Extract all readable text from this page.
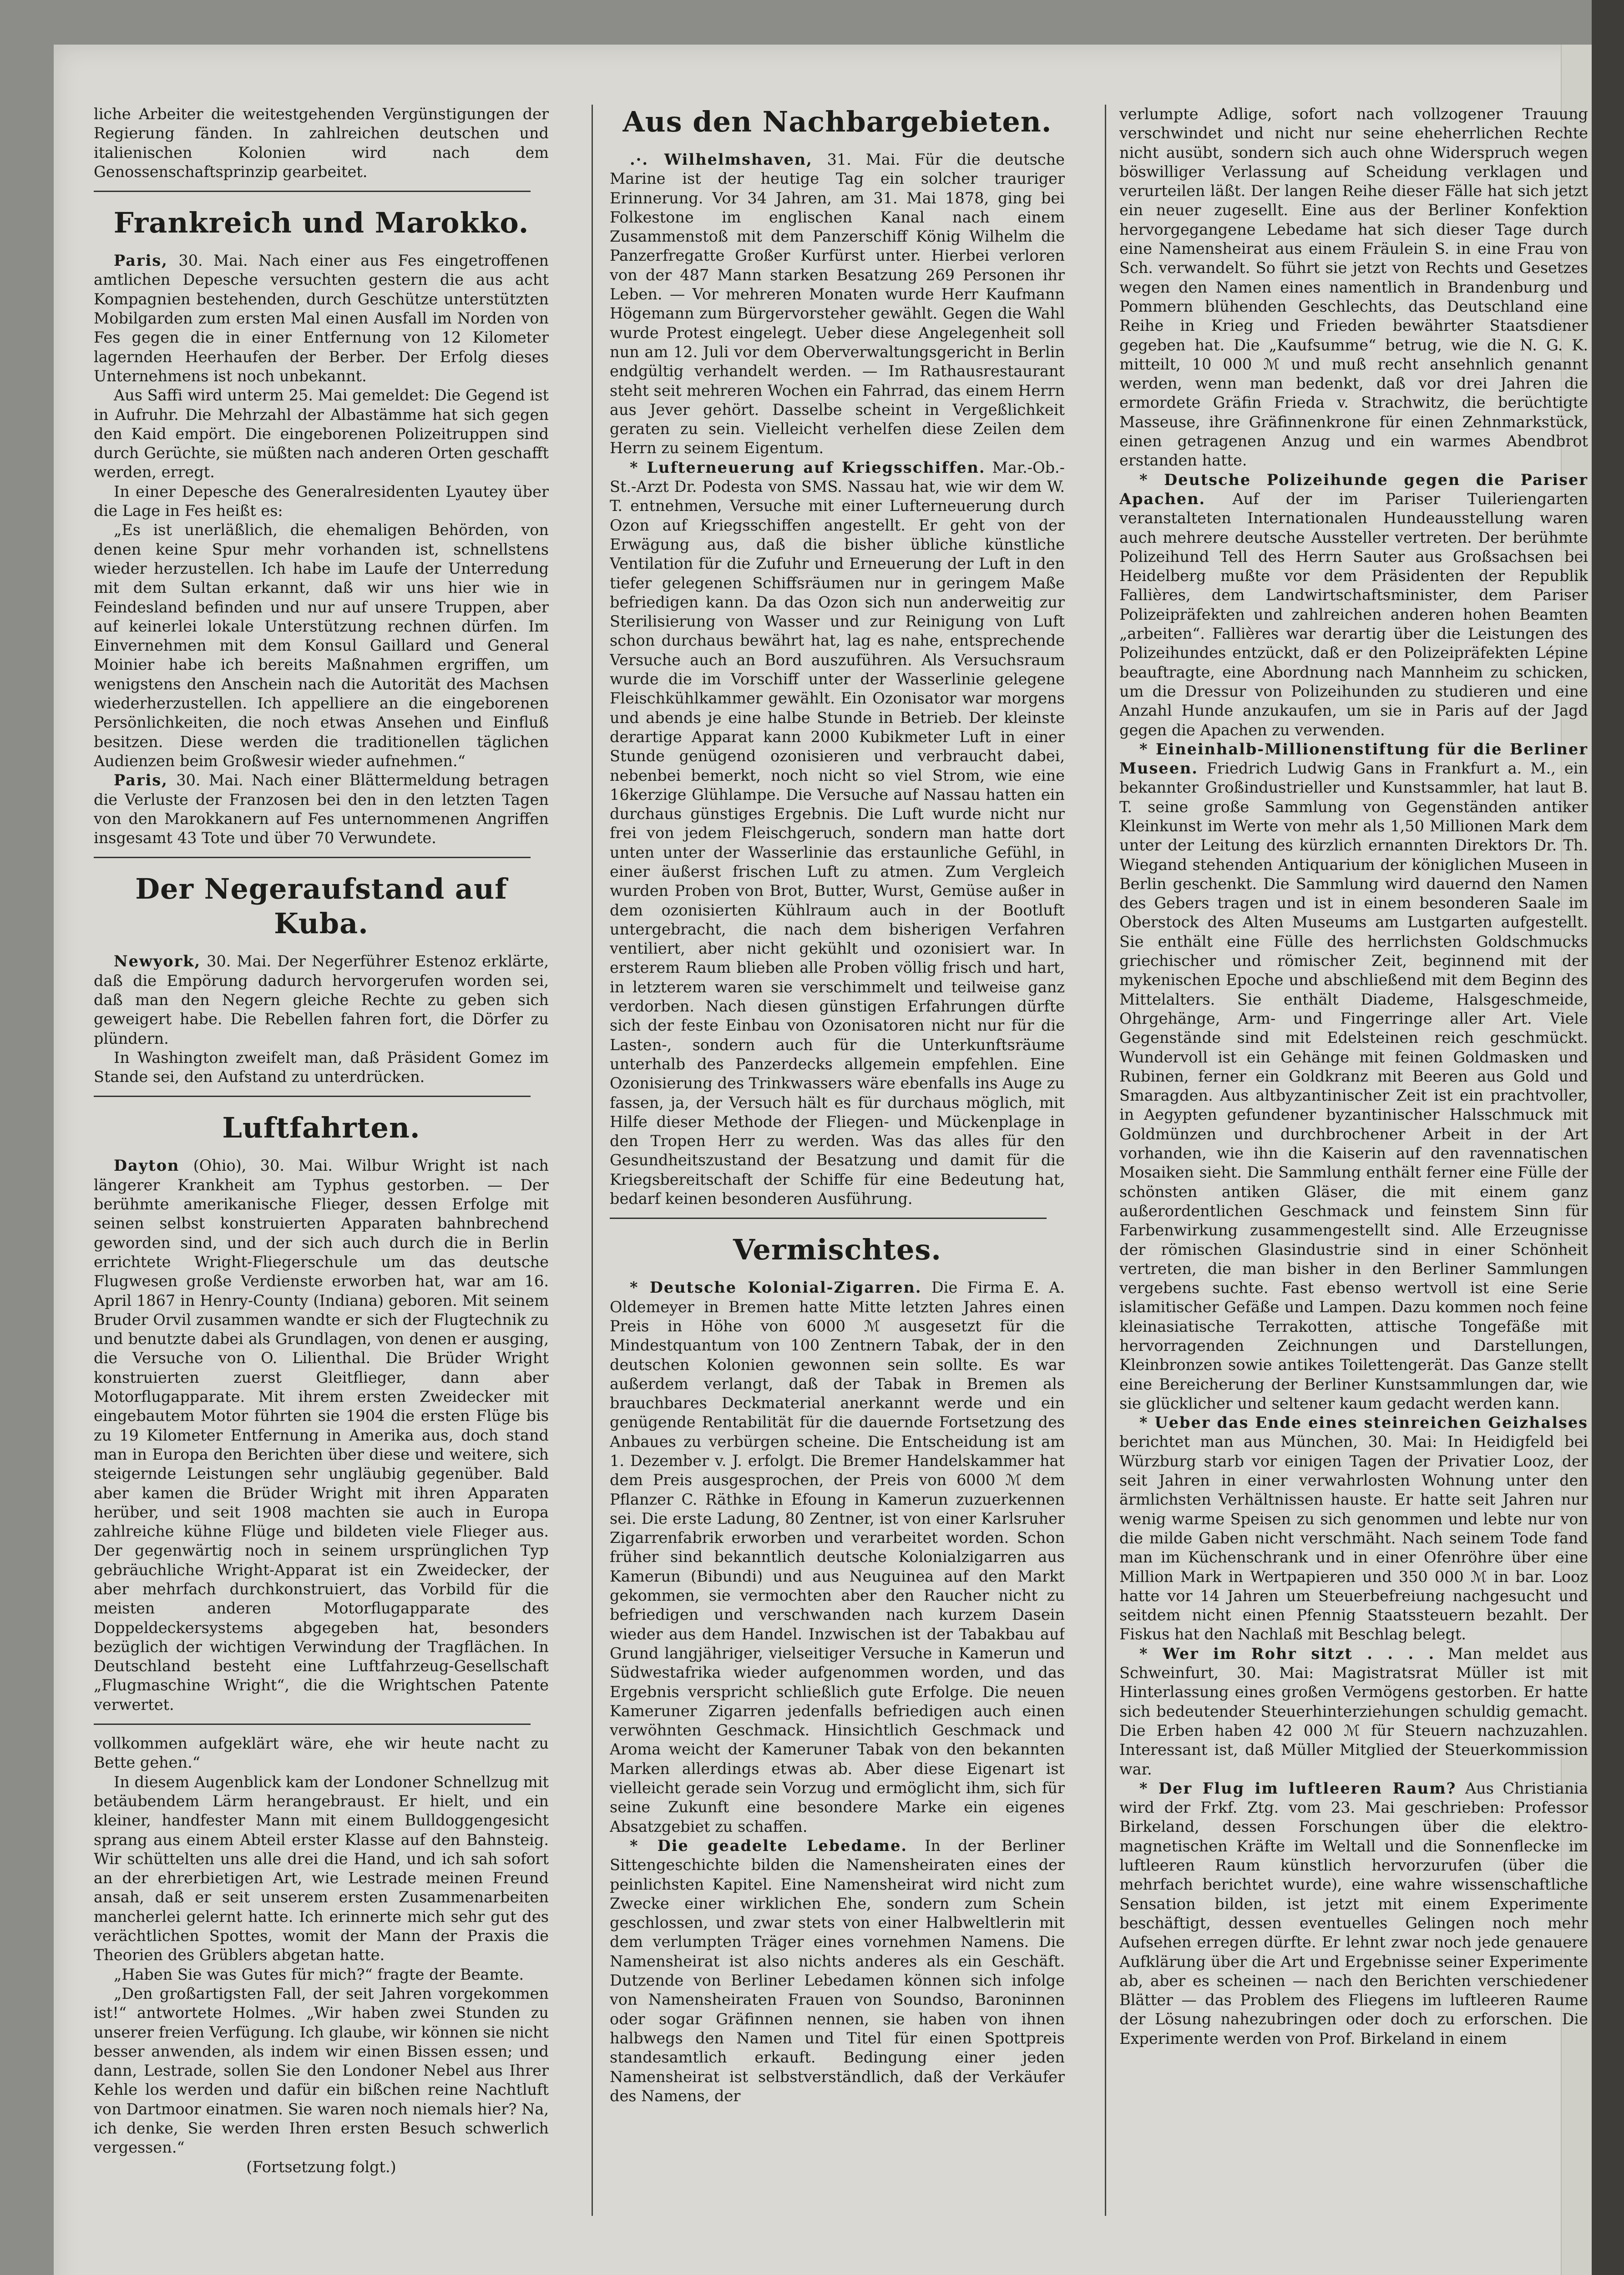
liche Arbeiter die weitestgehenden Vergünstigungen der Regierung fänden. In zahlreichen deutschen und italienischen Kolonien wird nach dem Genossenschaftsprinzip gearbeitet.

Frankreich und Marokko.

Paris, 30. Mai. Nach einer aus Fes eingetroffenen amtlichen Depesche versuchten gestern die aus acht Kompagnien bestehenden, durch Geschütze unterstützten Mobilgarden zum ersten Mal einen Ausfall im Norden von Fes gegen die in einer Entfernung von 12 Kilometer lagernden Heerhaufen der Berber. Der Erfolg dieses Unternehmens ist noch unbekannt.

Aus Saffi wird unterm 25. Mai gemeldet: Die Gegend ist in Aufruhr. Die Mehrzahl der Albastämme hat sich gegen den Kaid empört. Die eingeborenen Polizeitruppen sind durch Gerüchte, sie müßten nach anderen Orten geschafft werden, erregt.

In einer Depesche des Generalresidenten Lyautey über die Lage in Fes heißt es:

„Es ist unerläßlich, die ehemaligen Behörden, von denen keine Spur mehr vorhanden ist, schnellstens wieder herzustellen. Ich habe im Laufe der Unterredung mit dem Sultan erkannt, daß wir uns hier wie in Feindesland befinden und nur auf unsere Truppen, aber auf keinerlei lokale Unterstützung rechnen dürfen. Im Einvernehmen mit dem Konsul Gaillard und General Moinier habe ich bereits Maßnahmen ergriffen, um wenigstens den Anschein nach die Autorität des Machsen wiederherzustellen. Ich appelliere an die eingeborenen Persönlichkeiten, die noch etwas Ansehen und Einfluß besitzen. Diese werden die traditionellen täglichen Audienzen beim Großwesir wieder aufnehmen.“

Paris, 30. Mai. Nach einer Blättermeldung betragen die Verluste der Franzosen bei den in den letzten Tagen von den Marokkanern auf Fes unternommenen Angriffen insgesamt 43 Tote und über 70 Verwundete.

Der Negeraufstand auf Kuba.

Newyork, 30. Mai. Der Negerführer Estenoz erklärte, daß die Empörung dadurch hervorgerufen worden sei, daß man den Negern gleiche Rechte zu geben sich geweigert habe. Die Rebellen fahren fort, die Dörfer zu plündern.

In Washington zweifelt man, daß Präsident Gomez im Stande sei, den Aufstand zu unterdrücken.

Luftfahrten.

Dayton (Ohio), 30. Mai. Wilbur Wright ist nach längerer Krankheit am Typhus gestorben. — Der berühmte amerikanische Flieger, dessen Erfolge mit seinen selbst konstruierten Apparaten bahnbrechend geworden sind, und der sich auch durch die in Berlin errichtete Wright-Fliegerschule um das deutsche Flugwesen große Verdienste erworben hat, war am 16. April 1867 in Henry-County (Indiana) geboren. Mit seinem Bruder Orvil zusammen wandte er sich der Flugtechnik zu und benutzte dabei als Grundlagen, von denen er ausging, die Versuche von O. Lilienthal. Die Brüder Wright konstruierten zuerst Gleitflieger, dann aber Motorflugapparate. Mit ihrem ersten Zweidecker mit eingebautem Motor führten sie 1904 die ersten Flüge bis zu 19 Kilometer Entfernung in Amerika aus, doch stand man in Europa den Berichten über diese und weitere, sich steigernde Leistungen sehr ungläubig gegenüber. Bald aber kamen die Brüder Wright mit ihren Apparaten herüber, und seit 1908 machten sie auch in Europa zahlreiche kühne Flüge und bildeten viele Flieger aus. Der gegenwärtig noch in seinem ursprünglichen Typ gebräuchliche Wright-Apparat ist ein Zweidecker, der aber mehrfach durchkonstruiert, das Vorbild für die meisten anderen Motorflugapparate des Doppeldeckersystems abgegeben hat, besonders bezüglich der wichtigen Verwindung der Tragflächen. In Deutschland besteht eine Luftfahrzeug-Gesellschaft „Flugmaschine Wright“, die die Wrightschen Patente verwertet.

vollkommen aufgeklärt wäre, ehe wir heute nacht zu Bette gehen.“

In diesem Augenblick kam der Londoner Schnellzug mit betäubendem Lärm herangebraust. Er hielt, und ein kleiner, handfester Mann mit einem Bulldoggengesicht sprang aus einem Abteil erster Klasse auf den Bahnsteig. Wir schüttelten uns alle drei die Hand, und ich sah sofort an der ehrerbietigen Art, wie Lestrade meinen Freund ansah, daß er seit unserem ersten Zusammenarbeiten mancherlei gelernt hatte. Ich erinnerte mich sehr gut des verächtlichen Spottes, womit der Mann der Praxis die Theorien des Grüblers abgetan hatte.

„Haben Sie was Gutes für mich?“ fragte der Beamte.

„Den großartigsten Fall, der seit Jahren vorgekommen ist!“ antwortete Holmes. „Wir haben zwei Stunden zu unserer freien Verfügung. Ich glaube, wir können sie nicht besser anwenden, als indem wir einen Bissen essen; und dann, Lestrade, sollen Sie den Londoner Nebel aus Ihrer Kehle los werden und dafür ein bißchen reine Nachtluft von Dartmoor einatmen. Sie waren noch niemals hier? Na, ich denke, Sie werden Ihren ersten Besuch schwerlich vergessen.“

(Fortsetzung folgt.)

Aus den Nachbargebieten.

.·. Wilhelmshaven, 31. Mai. Für die deutsche Marine ist der heutige Tag ein solcher trauriger Erinnerung. Vor 34 Jahren, am 31. Mai 1878, ging bei Folkestone im englischen Kanal nach einem Zusammenstoß mit dem Panzerschiff König Wilhelm die Panzerfregatte Großer Kurfürst unter. Hierbei verloren von der 487 Mann starken Besatzung 269 Personen ihr Leben. — Vor mehreren Monaten wurde Herr Kaufmann Högemann zum Bürgervorsteher gewählt. Gegen die Wahl wurde Protest eingelegt. Ueber diese Angelegenheit soll nun am 12. Juli vor dem Oberverwaltungsgericht in Berlin endgültig verhandelt werden. — Im Rathausrestaurant steht seit mehreren Wochen ein Fahrrad, das einem Herrn aus Jever gehört. Dasselbe scheint in Vergeßlichkeit geraten zu sein. Vielleicht verhelfen diese Zeilen dem Herrn zu seinem Eigentum.

* Lufterneuerung auf Kriegsschiffen. Mar.-Ob.-St.-Arzt Dr. Podesta von SMS. Nassau hat, wie wir dem W. T. entnehmen, Versuche mit einer Lufterneuerung durch Ozon auf Kriegsschiffen angestellt. Er geht von der Erwägung aus, daß die bisher übliche künstliche Ventilation für die Zufuhr und Erneuerung der Luft in den tiefer gelegenen Schiffsräumen nur in geringem Maße befriedigen kann. Da das Ozon sich nun anderweitig zur Sterilisierung von Wasser und zur Reinigung von Luft schon durchaus bewährt hat, lag es nahe, entsprechende Versuche auch an Bord auszuführen. Als Versuchsraum wurde die im Vorschiff unter der Wasserlinie gelegene Fleischkühlkammer gewählt. Ein Ozonisator war morgens und abends je eine halbe Stunde in Betrieb. Der kleinste derartige Apparat kann 2000 Kubikmeter Luft in einer Stunde genügend ozonisieren und verbraucht dabei, nebenbei bemerkt, noch nicht so viel Strom, wie eine 16kerzige Glühlampe. Die Versuche auf Nassau hatten ein durchaus günstiges Ergebnis. Die Luft wurde nicht nur frei von jedem Fleischgeruch, sondern man hatte dort unten unter der Wasserlinie das erstaunliche Gefühl, in einer äußerst frischen Luft zu atmen. Zum Vergleich wurden Proben von Brot, Butter, Wurst, Gemüse außer in dem ozonisierten Kühlraum auch in der Bootluft untergebracht, die nach dem bisherigen Verfahren ventiliert, aber nicht gekühlt und ozonisiert war. In ersterem Raum blieben alle Proben völlig frisch und hart, in letzterem waren sie verschimmelt und teilweise ganz verdorben. Nach diesen günstigen Erfahrungen dürfte sich der feste Einbau von Ozonisatoren nicht nur für die Lasten-, sondern auch für die Unterkunftsräume unterhalb des Panzerdecks allgemein empfehlen. Eine Ozonisierung des Trinkwassers wäre ebenfalls ins Auge zu fassen, ja, der Versuch hält es für durchaus möglich, mit Hilfe dieser Methode der Fliegen- und Mückenplage in den Tropen Herr zu werden. Was das alles für den Gesundheitszustand der Besatzung und damit für die Kriegsbereitschaft der Schiffe für eine Bedeutung hat, bedarf keinen besonderen Ausführung.

Vermischtes.

* Deutsche Kolonial-Zigarren. Die Firma E. A. Oldemeyer in Bremen hatte Mitte letzten Jahres einen Preis in Höhe von 6000 ℳ ausgesetzt für die Mindestquantum von 100 Zentnern Tabak, der in den deutschen Kolonien gewonnen sein sollte. Es war außerdem verlangt, daß der Tabak in Bremen als brauchbares Deckmaterial anerkannt werde und ein genügende Rentabilität für die dauernde Fortsetzung des Anbaues zu verbürgen scheine. Die Entscheidung ist am 1. Dezember v. J. erfolgt. Die Bremer Handelskammer hat dem Preis ausgesprochen, der Preis von 6000 ℳ dem Pflanzer C. Räthke in Efoung in Kamerun zuzuerkennen sei. Die erste Ladung, 80 Zentner, ist von einer Karlsruher Zigarrenfabrik erworben und verarbeitet worden. Schon früher sind bekanntlich deutsche Kolonialzigarren aus Kamerun (Bibundi) und aus Neuguinea auf den Markt gekommen, sie vermochten aber den Raucher nicht zu befriedigen und verschwanden nach kurzem Dasein wieder aus dem Handel. Inzwischen ist der Tabakbau auf Grund langjähriger, vielseitiger Versuche in Kamerun und Südwestafrika wieder aufgenommen worden, und das Ergebnis verspricht schließlich gute Erfolge. Die neuen Kameruner Zigarren jedenfalls befriedigen auch einen verwöhnten Geschmack. Hinsichtlich Geschmack und Aroma weicht der Kameruner Tabak von den bekannten Marken allerdings etwas ab. Aber diese Eigenart ist vielleicht gerade sein Vorzug und ermöglicht ihm, sich für seine Zukunft eine besondere Marke ein eigenes Absatzgebiet zu schaffen.

* Die geadelte Lebedame. In der Berliner Sittengeschichte bilden die Namensheiraten eines der peinlichsten Kapitel. Eine Namensheirat wird nicht zum Zwecke einer wirklichen Ehe, sondern zum Schein geschlossen, und zwar stets von einer Halbweltlerin mit dem verlumpten Träger eines vornehmen Namens. Die Namensheirat ist also nichts anderes als ein Geschäft. Dutzende von Berliner Lebedamen können sich infolge von Namensheiraten Frauen von Soundso, Baroninnen oder sogar Gräfinnen nennen, sie haben von ihnen halbwegs den Namen und Titel für einen Spottpreis standesamtlich erkauft. Bedingung einer jeden Namensheirat ist selbstverständlich, daß der Verkäufer des Namens, der

verlumpte Adlige, sofort nach vollzogener Trauung verschwindet und nicht nur seine eheherrlichen Rechte nicht ausübt, sondern sich auch ohne Widerspruch wegen böswilliger Verlassung auf Scheidung verklagen und verurteilen läßt. Der langen Reihe dieser Fälle hat sich jetzt ein neuer zugesellt. Eine aus der Berliner Konfektion hervorgegangene Lebedame hat sich dieser Tage durch eine Namensheirat aus einem Fräulein S. in eine Frau von Sch. verwandelt. So führt sie jetzt von Rechts und Gesetzes wegen den Namen eines namentlich in Brandenburg und Pommern blühenden Geschlechts, das Deutschland eine Reihe in Krieg und Frieden bewährter Staatsdiener gegeben hat. Die „Kaufsumme“ betrug, wie die N. G. K. mitteilt, 10 000 ℳ und muß recht ansehnlich genannt werden, wenn man bedenkt, daß vor drei Jahren die ermordete Gräfin Frieda v. Strachwitz, die berüchtigte Masseuse, ihre Gräfinnenkrone für einen Zehnmarkstück, einen getragenen Anzug und ein warmes Abendbrot erstanden hatte.

* Deutsche Polizeihunde gegen die Pariser Apachen. Auf der im Pariser Tuileriengarten veranstalteten Internationalen Hundeausstellung waren auch mehrere deutsche Aussteller vertreten. Der berühmte Polizeihund Tell des Herrn Sauter aus Großsachsen bei Heidelberg mußte vor dem Präsidenten der Republik Fallières, dem Landwirtschaftsminister, dem Pariser Polizeipräfekten und zahlreichen anderen hohen Beamten „arbeiten“. Fallières war derartig über die Leistungen des Polizeihundes entzückt, daß er den Polizeipräfekten Lépine beauftragte, eine Abordnung nach Mannheim zu schicken, um die Dressur von Polizeihunden zu studieren und eine Anzahl Hunde anzukaufen, um sie in Paris auf der Jagd gegen die Apachen zu verwenden.

* Eineinhalb-Millionenstiftung für die Berliner Museen. Friedrich Ludwig Gans in Frankfurt a. M., ein bekannter Großindustrieller und Kunstsammler, hat laut B. T. seine große Sammlung von Gegenständen antiker Kleinkunst im Werte von mehr als 1,50 Millionen Mark dem unter der Leitung des kürzlich ernannten Direktors Dr. Th. Wiegand stehenden Antiquarium der königlichen Museen in Berlin geschenkt. Die Sammlung wird dauernd den Namen des Gebers tragen und ist in einem besonderen Saale im Oberstock des Alten Museums am Lustgarten aufgestellt. Sie enthält eine Fülle des herrlichsten Goldschmucks griechischer und römischer Zeit, beginnend mit der mykenischen Epoche und abschließend mit dem Beginn des Mittelalters. Sie enthält Diademe, Halsgeschmeide, Ohrgehänge, Arm- und Fingerringe aller Art. Viele Gegenstände sind mit Edelsteinen reich geschmückt. Wundervoll ist ein Gehänge mit feinen Goldmasken und Rubinen, ferner ein Goldkranz mit Beeren aus Gold und Smaragden. Aus altbyzantinischer Zeit ist ein prachtvoller, in Aegypten gefundener byzantinischer Halsschmuck mit Goldmünzen und durchbrochener Arbeit in der Art vorhanden, wie ihn die Kaiserin auf den ravennatischen Mosaiken sieht. Die Sammlung enthält ferner eine Fülle der schönsten antiken Gläser, die mit einem ganz außerordentlichen Geschmack und feinstem Sinn für Farbenwirkung zusammengestellt sind. Alle Erzeugnisse der römischen Glasindustrie sind in einer Schönheit vertreten, die man bisher in den Berliner Sammlungen vergebens suchte. Fast ebenso wertvoll ist eine Serie islamitischer Gefäße und Lampen. Dazu kommen noch feine kleinasiatische Terrakotten, attische Tongefäße mit hervorragenden Zeichnungen und Darstellungen, Kleinbronzen sowie antikes Toilettengerät. Das Ganze stellt eine Bereicherung der Berliner Kunstsammlungen dar, wie sie glücklicher und seltener kaum gedacht werden kann.

* Ueber das Ende eines steinreichen Geizhalses berichtet man aus München, 30. Mai: In Heidigfeld bei Würzburg starb vor einigen Tagen der Privatier Looz, der seit Jahren in einer verwahrlosten Wohnung unter den ärmlichsten Verhältnissen hauste. Er hatte seit Jahren nur wenig warme Speisen zu sich genommen und lebte nur von die milde Gaben nicht verschmäht. Nach seinem Tode fand man im Küchenschrank und in einer Ofenröhre über eine Million Mark in Wertpapieren und 350 000 ℳ in bar. Looz hatte vor 14 Jahren um Steuerbefreiung nachgesucht und seitdem nicht einen Pfennig Staatssteuern bezahlt. Der Fiskus hat den Nachlaß mit Beschlag belegt.

* Wer im Rohr sitzt . . . . Man meldet aus Schweinfurt, 30. Mai: Magistratsrat Müller ist mit Hinterlassung eines großen Vermögens gestorben. Er hatte sich bedeutender Steuerhinterziehungen schuldig gemacht. Die Erben haben 42 000 ℳ für Steuern nachzuzahlen. Interessant ist, daß Müller Mitglied der Steuerkommission war.

* Der Flug im luftleeren Raum? Aus Christiania wird der Frkf. Ztg. vom 23. Mai geschrieben: Professor Birkeland, dessen Forschungen über die elektro-magnetischen Kräfte im Weltall und die Sonnenflecke im luftleeren Raum künstlich hervorzurufen (über die mehrfach berichtet wurde), eine wahre wissenschaftliche Sensation bilden, ist jetzt mit einem Experimente beschäftigt, dessen eventuelles Gelingen noch mehr Aufsehen erregen dürfte. Er lehnt zwar noch jede genauere Aufklärung über die Art und Ergebnisse seiner Experimente ab, aber es scheinen — nach den Berichten verschiedener Blätter — das Problem des Fliegens im luftleeren Raume der Lösung nahezubringen oder doch zu erforschen. Die Experimente werden von Prof. Birkeland in einem
